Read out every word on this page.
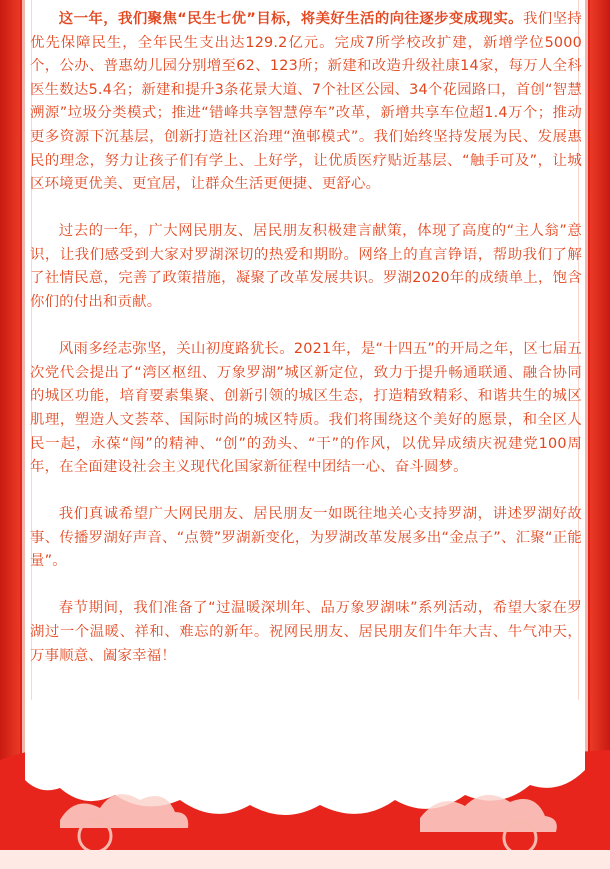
这一年，我们聚焦“民生七优”目标，将美好生活的向往逐步变成现实。我们坚持优先保障民生，全年民生支出达129.2亿元。完成7所学校改扩建，新增学位5000个，公办、普惠幼儿园分别增至62、123所；新建和改造升级社康14家，每万人全科医生数达5.4名；新建和提升3条花景大道、7个社区公园、34个花园路口，首创“智慧溯源”垃圾分类模式；推进“错峰共享智慧停车”改革，新增共享车位超1.4万个；推动更多资源下沉基层，创新打造社区治理“渔邨模式”。我们始终坚持发展为民、发展惠民的理念，努力让孩子们有学上、上好学，让优质医疗贴近基层、“触手可及”，让城区环境更优美、更宜居，让群众生活更便捷、更舒心。

过去的一年，广大网民朋友、居民朋友积极建言献策，体现了高度的“主人翁”意识，让我们感受到大家对罗湖深切的热爱和期盼。网络上的直言铮语，帮助我们了解了社情民意，完善了政策措施，凝聚了改革发展共识。罗湖2020年的成绩单上，饱含你们的付出和贡献。

风雨多经志弥坚，关山初度路犹长。2021年，是“十四五”的开局之年，区七届五次党代会提出了“湾区枢纽、万象罗湖”城区新定位，致力于提升畅通联通、融合协同的城区功能，培育要素集聚、创新引领的城区生态，打造精致精彩、和谐共生的城区肌理，塑造人文荟萃、国际时尚的城区特质。我们将围绕这个美好的愿景，和全区人民一起，永葆“闯”的精神、“创”的劲头、“干”的作风，以优异成绩庆祝建党100周年，在全面建设社会主义现代化国家新征程中团结一心、奋斗圆梦。

我们真诚希望广大网民朋友、居民朋友一如既往地关心支持罗湖，讲述罗湖好故事、传播罗湖好声音、“点赞”罗湖新变化，为罗湖改革发展多出“金点子”、汇聚“正能量”。

春节期间，我们准备了“过温暖深圳年、品万象罗湖味”系列活动，希望大家在罗湖过一个温暖、祥和、难忘的新年。祝网民朋友、居民朋友们牛年大吉、牛气冲天，万事顺意、阖家幸福！
